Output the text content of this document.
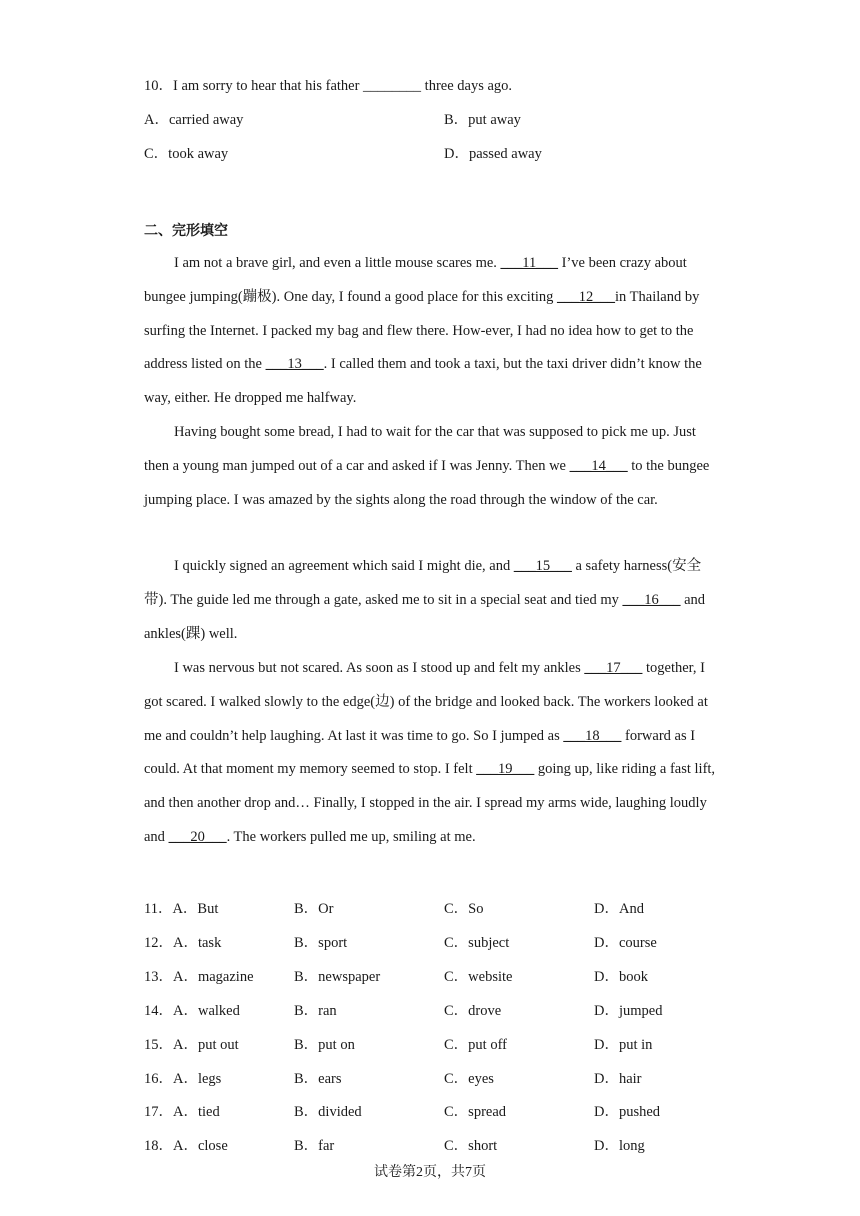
10．I am sorry to hear that his father ________ three days ago.
A．carried away	B．put away
C．took away	D．passed away
二、完形填空
I am not a brave girl, and even a little mouse scares me. ___11___ I’ve been crazy about bungee jumping(蹦极). One day, I found a good place for this exciting ___12___in Thailand by surfing the Internet. I packed my bag and flew there. How-ever, I had no idea how to get to the address listed on the ___13___. I called them and took a taxi, but the taxi driver didn’t know the way, either. He dropped me halfway.
Having bought some bread, I had to wait for the car that was supposed to pick me up. Just then a young man jumped out of a car and asked if I was Jenny. Then we ___14___ to the bungee jumping place. I was amazed by the sights along the road through the window of the car.
I quickly signed an agreement which said I might die, and ___15___ a safety harness(安全带). The guide led me through a gate, asked me to sit in a special seat and tied my ___16___ and ankles(踝) well.
I was nervous but not scared. As soon as I stood up and felt my ankles ___17___ together, I got scared. I walked slowly to the edge(边) of the bridge and looked back. The workers looked at me and couldn’t help laughing. At last it was time to go. So I jumped as ___18___ forward as I could. At that moment my memory seemed to stop. I felt ___19___ going up, like riding a fast lift, and then another drop and… Finally, I stopped in the air. I spread my arms wide, laughing loudly and ___20___. The workers pulled me up, smiling at me.
11．A．But	B．Or	C．So	D．And
12．A．task	B．sport	C．subject	D．course
13．A．magazine	B．newspaper	C．website	D．book
14．A．walked	B．ran	C．drove	D．jumped
15．A．put out	B．put on	C．put off	D．put in
16．A．legs	B．ears	C．eyes	D．hair
17．A．tied	B．divided	C．spread	D．pushed
18．A．close	B．far	C．short	D．long
试卷第2页，共7页
